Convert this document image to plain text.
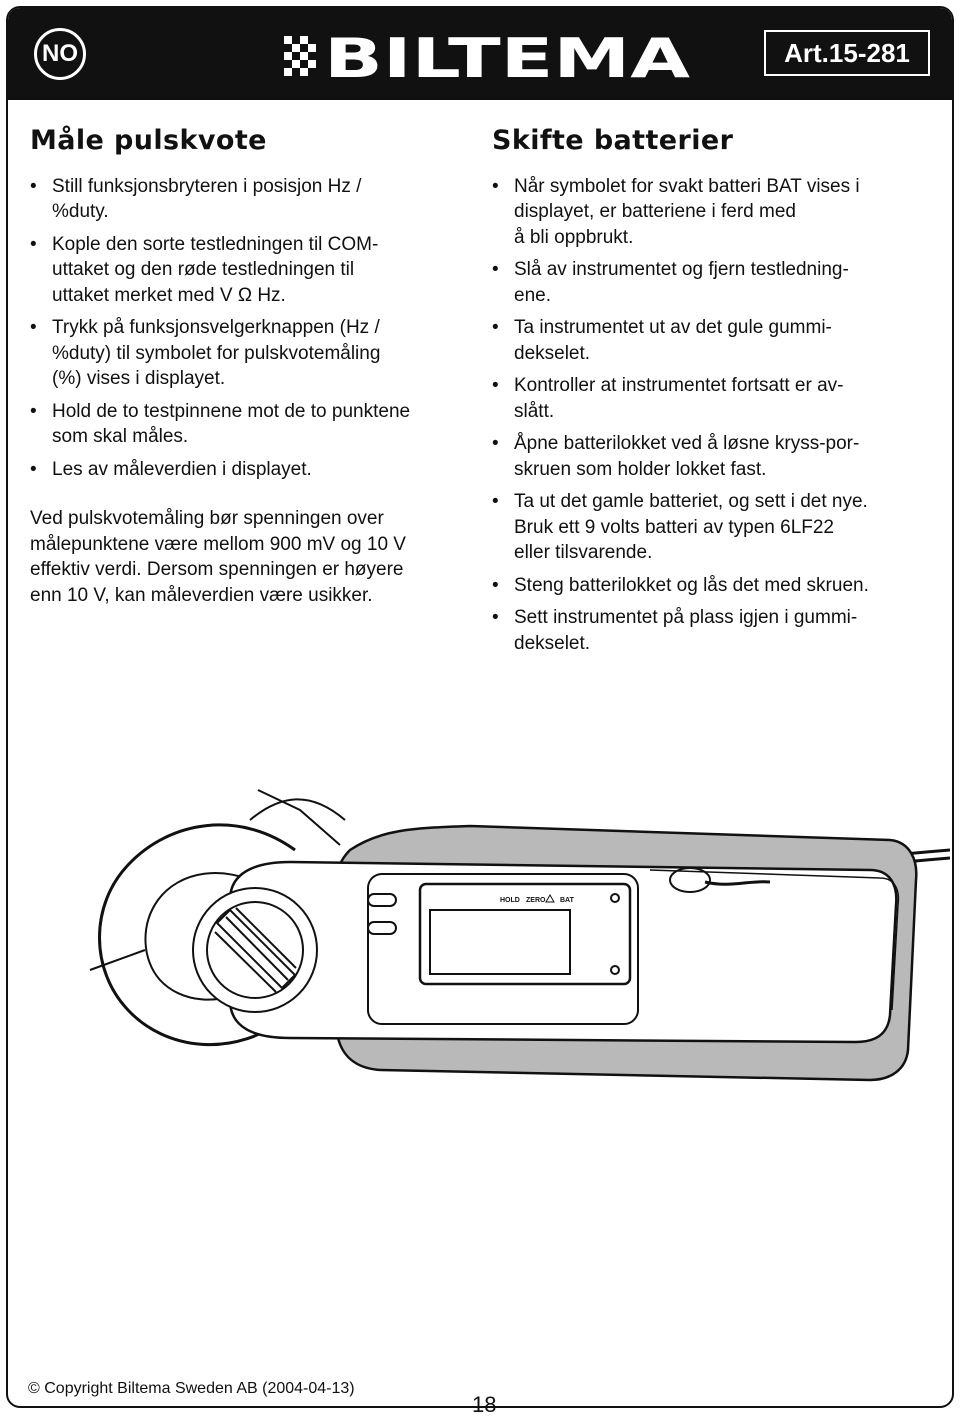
NO	BILTEMA	Art.15-281
Måle pulskvote
• Still funksjonsbryteren i posisjon Hz /
%duty.
• Kople den sorte testledningen til COM-
uttaket og den røde testledningen til
uttaket merket med V Ω Hz.
• Trykk på funksjonsvelgerknappen (Hz /
%duty) til symbolet for pulskvotemåling
(%) vises i displayet.
• Hold de to testpinnene mot de to punktene
som skal måles.
• Les av måleverdien i displayet.
Ved pulskvotemåling bør spenningen over
målepunktene være mellom 900 mV og 10 V
effektiv verdi. Dersom spenningen er høyere
enn 10 V, kan måleverdien være usikker.
Skifte batterier
• Når symbolet for svakt batteri BAT vises i
displayet, er batteriene i ferd med
å bli oppbrukt.
• Slå av instrumentet og fjern testledning-
ene.
• Ta instrumentet ut av det gule gummi-
dekselet.
• Kontroller at instrumentet fortsatt er av-
slått.
• Åpne batterilokket ved å løsne kryss-por-
skruen som holder lokket fast.
• Ta ut det gamle batteriet, og sett i det nye.
Bruk ett 9 volts batteri av typen 6LF22
eller tilsvarende.
• Steng batterilokket og lås det med skruen.
• Sett instrumentet på plass igjen i gummi-
dekselet.
HOLD ZERO BAT
© Copyright Biltema Sweden AB (2004-04-13)
18
